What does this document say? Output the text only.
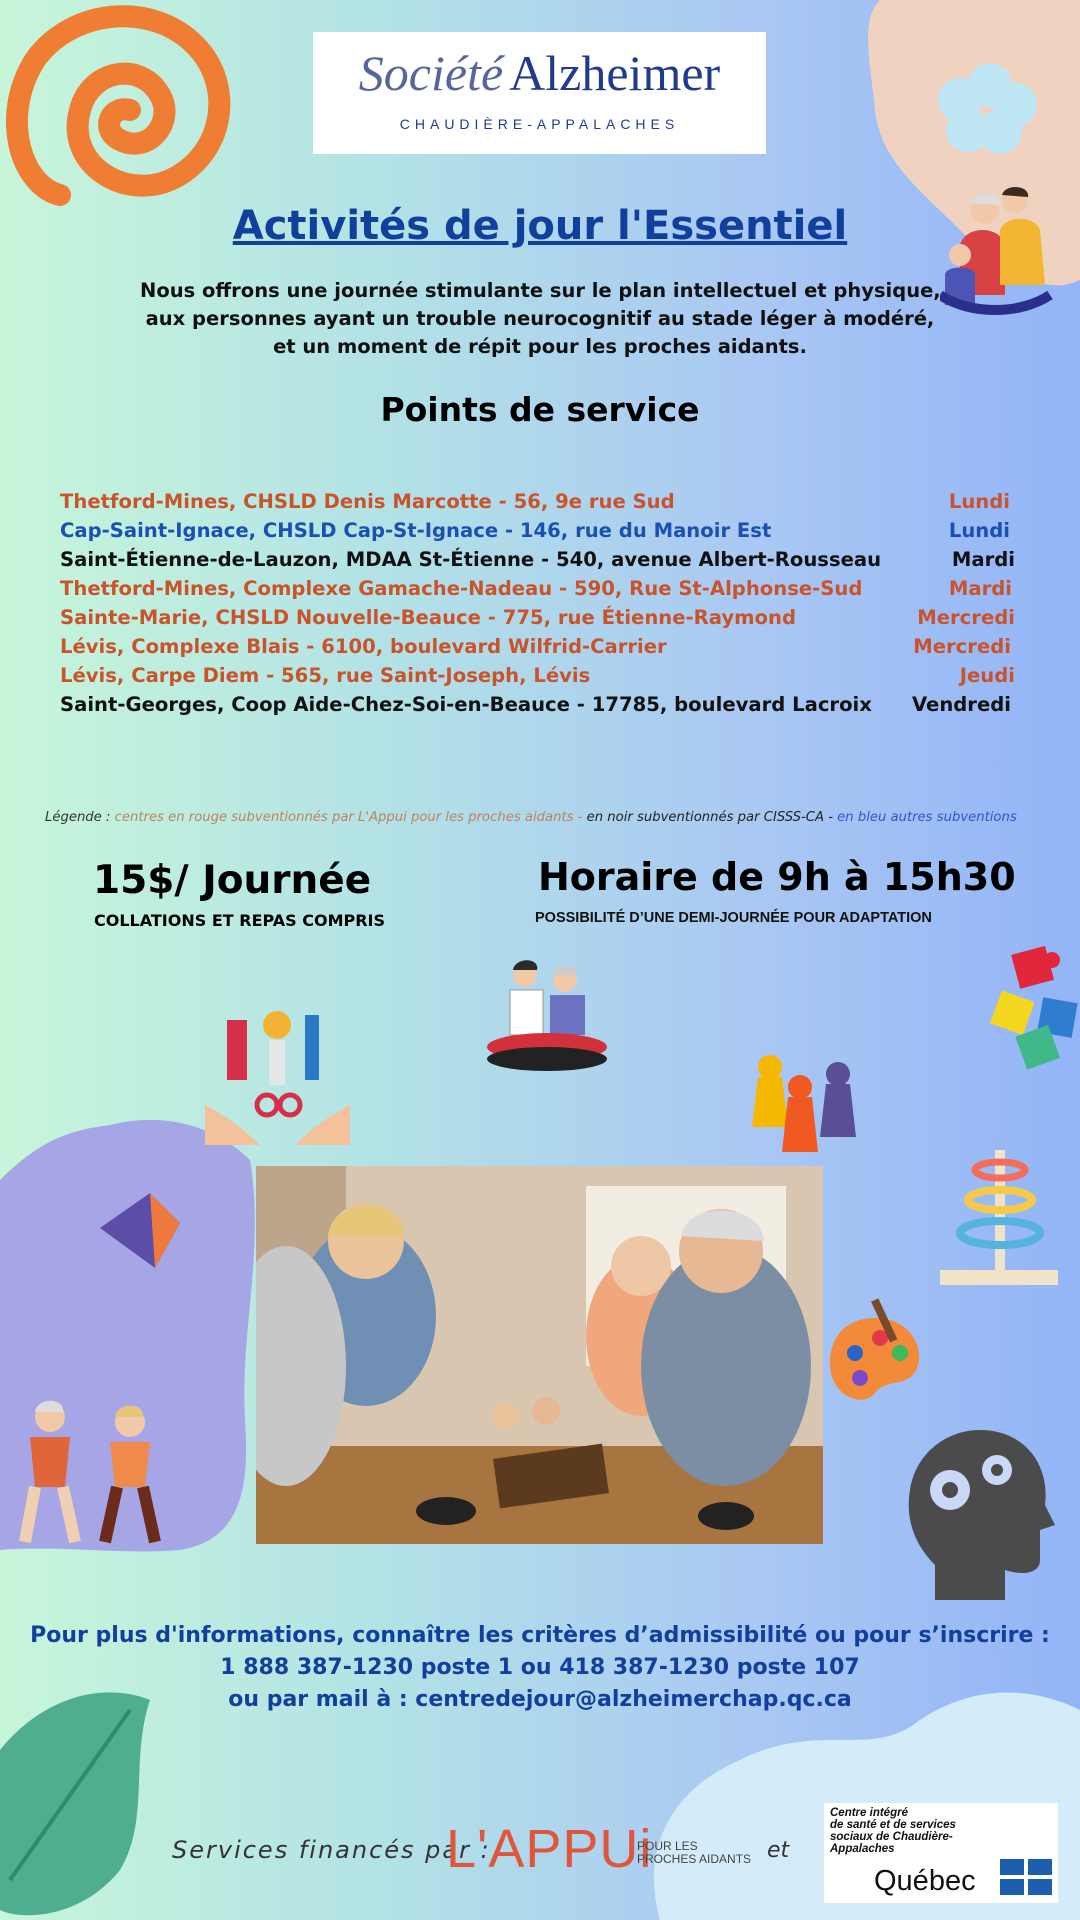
Société Alzheimer
CHAUDIÈRE-APPALACHES
Activités de jour l'Essentiel
Nous offrons une journée stimulante sur le plan intellectuel et physique,
aux personnes ayant un trouble neurocognitif au stade léger à modéré,
et un moment de répit pour les proches aidants.
Points de service
Thetford-Mines, CHSLD Denis Marcotte - 56, 9e rue Sud	Lundi
Cap-Saint-Ignace, CHSLD Cap-St-Ignace - 146, rue du Manoir Est	Lundi
Saint-Étienne-de-Lauzon, MDAA St-Étienne - 540, avenue Albert-Rousseau	Mardi
Thetford-Mines, Complexe Gamache-Nadeau - 590, Rue St-Alphonse-Sud	Mardi
Sainte-Marie, CHSLD Nouvelle-Beauce - 775, rue Étienne-Raymond	Mercredi
Lévis, Complexe Blais - 6100, boulevard Wilfrid-Carrier	Mercredi
Lévis, Carpe Diem - 565, rue Saint-Joseph, Lévis	Jeudi
Saint-Georges, Coop Aide-Chez-Soi-en-Beauce - 17785, boulevard Lacroix Vendredi
Légende : centres en rouge subventionnés par L'Appui pour les proches aidants - en noir subventionnés par CISSS-CA - en bleu autres subventions
15$/ Journée
COLLATIONS ET REPAS COMPRIS
Horaire de 9h à 15h30
POSSIBILITÉ D’UNE DEMI-JOURNÉE POUR ADAPTATION
Pour plus d'informations, connaître les critères d’admissibilité ou pour s’inscrire :
1 888 387-1230 poste 1 ou 418 387-1230 poste 107
ou par mail à : centredejour@alzheimerchap.qc.ca
Services financés par :
L'APPUi
POUR LES
PROCHES AIDANTS et
Centre intégré
de santé et de services
sociaux de Chaudière-
Appalaches
Québec
